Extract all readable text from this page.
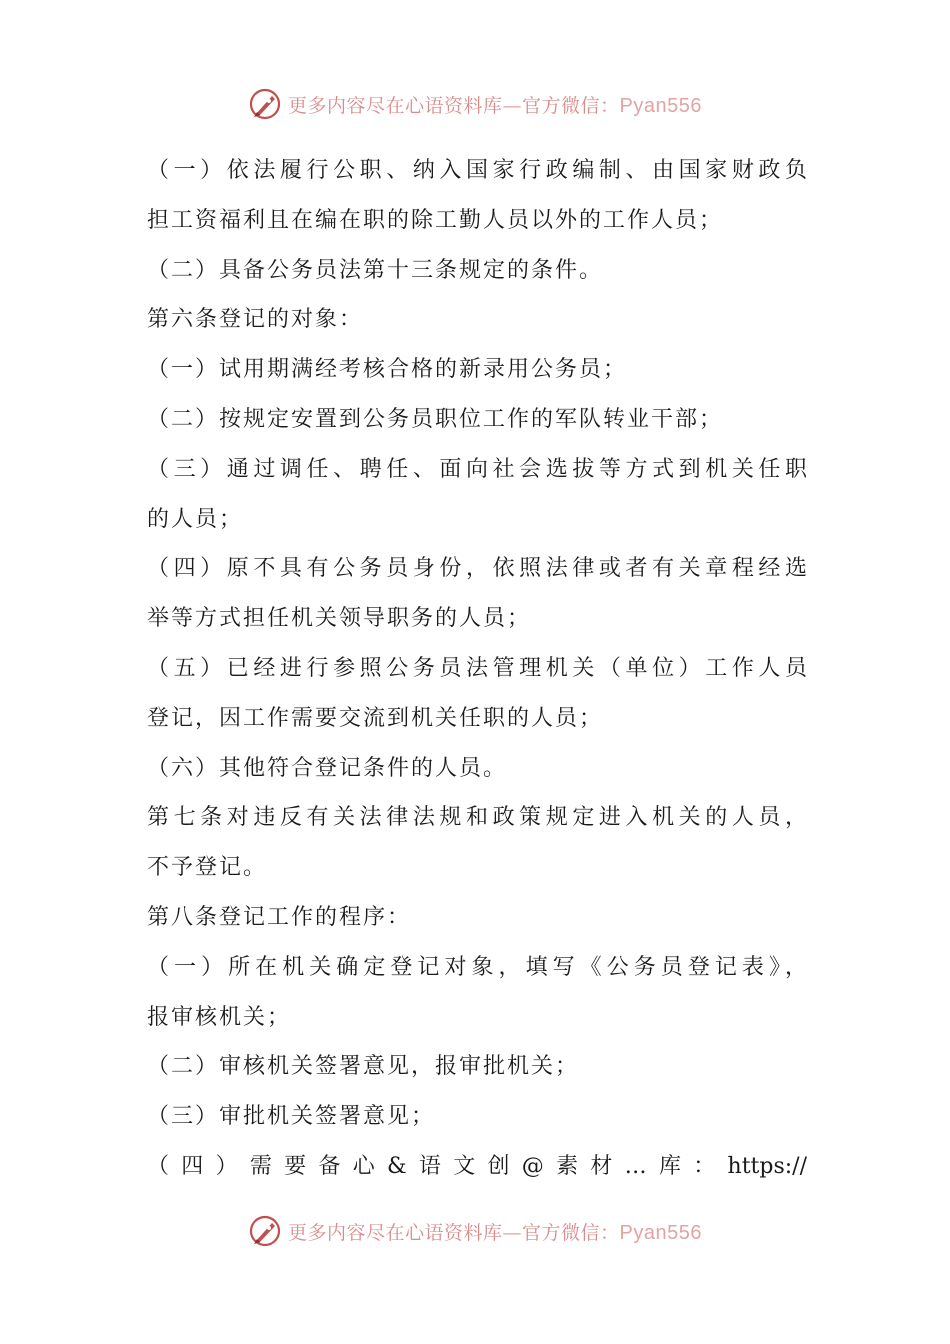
更多内容尽在心语资料库—官方微信：Pyan556
（一）依法履行公职、纳入国家行政编制、由国家财政负
担工资福利且在编在职的除工勤人员以外的工作人员；
（二）具备公务员法第十三条规定的条件。
第六条登记的对象：
（一）试用期满经考核合格的新录用公务员；
（二）按规定安置到公务员职位工作的军队转业干部；
（三）通过调任、聘任、面向社会选拔等方式到机关任职
的人员；
（四）原不具有公务员身份，依照法律或者有关章程经选
举等方式担任机关领导职务的人员；
（五）已经进行参照公务员法管理机关（单位）工作人员
登记，因工作需要交流到机关任职的人员；
（六）其他符合登记条件的人员。
第七条对违反有关法律法规和政策规定进入机关的人员，
不予登记。
第八条登记工作的程序：
（一）所在机关确定登记对象，填写《公务员登记表》，
报审核机关；
（二）审核机关签署意见，报审批机关；
（三）审批机关签署意见；
（四）需要备心&语文创@素材…库：https://
更多内容尽在心语资料库—官方微信：Pyan556
